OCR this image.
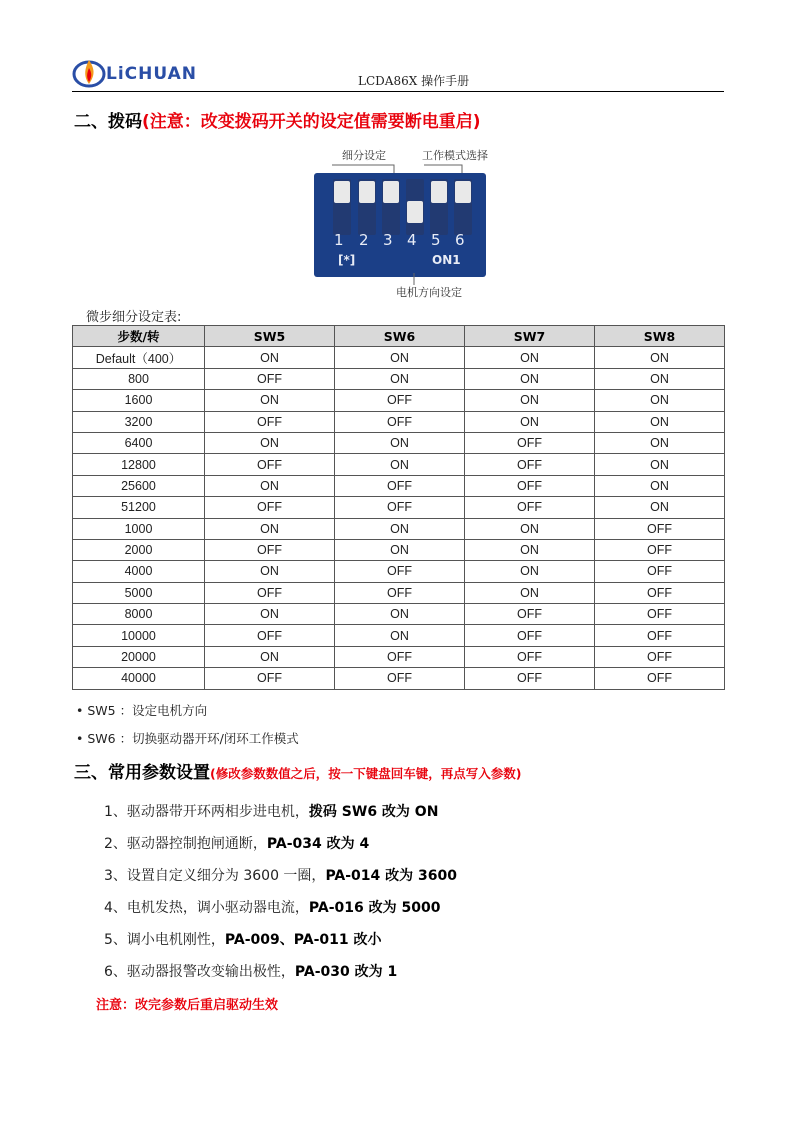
LiCHUAN	LCDA86X 操作手册
二、拨码(注意：改变拨码开关的设定值需要断电重启)
细分设定	工作模式选择
1 2 3 4 5 6
[*]	ON1
电机方向设定
微步细分设定表:
步数/转	SW5	SW6	SW7	SW8
Default（400）	ON	ON	ON	ON
800	OFF	ON	ON	ON
1600	ON	OFF	ON	ON
3200	OFF	OFF	ON	ON
6400	ON	ON	OFF	ON
12800	OFF	ON	OFF	ON
25600	ON	OFF	OFF	ON
51200	OFF	OFF	OFF	ON
1000	ON	ON	ON	OFF
2000	OFF	ON	ON	OFF
4000	ON	OFF	ON	OFF
5000	OFF	OFF	ON	OFF
8000	ON	ON	OFF	OFF
10000	OFF	ON	OFF	OFF
20000	ON	OFF	OFF	OFF
40000	OFF	OFF	OFF	OFF
• SW5 ：设定电机方向
• SW6 ：切换驱动器开环/闭环工作模式
三、常用参数设置(修改参数数值之后，按一下键盘回车键，再点写入参数)
1、驱动器带开环两相步进电机，拨码 SW6 改为 ON
2、驱动器控制抱闸通断，PA-034 改为 4
3、设置自定义细分为 3600 一圈，PA-014 改为 3600
4、电机发热，调小驱动器电流，PA-016 改为 5000
5、调小电机刚性，PA-009、PA-011 改小
6、驱动器报警改变输出极性，PA-030 改为 1
注意：改完参数后重启驱动生效
